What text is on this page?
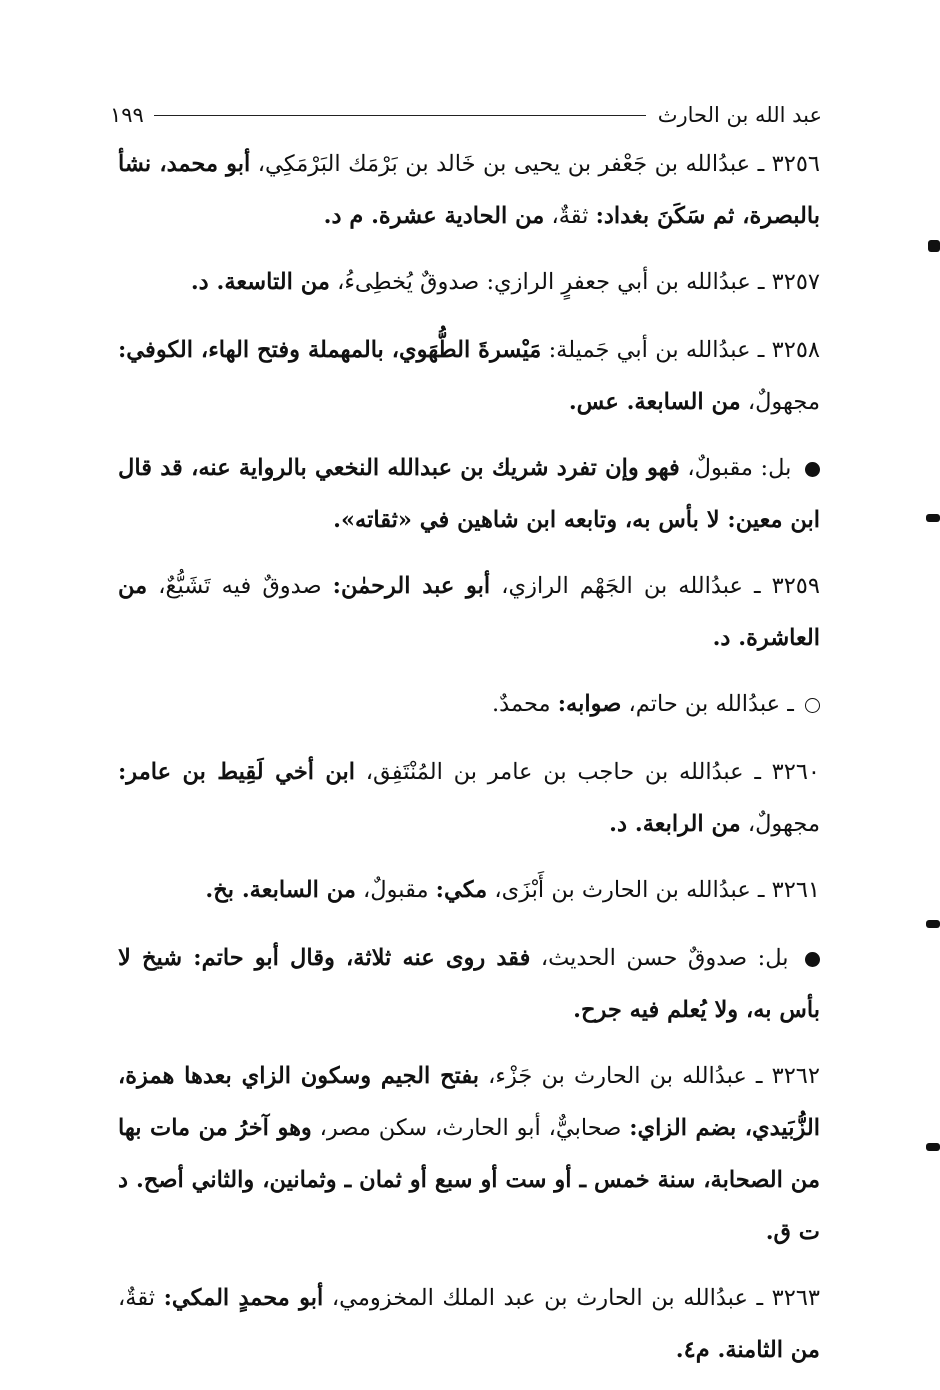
عبد الله بن الحارث
١٩٩

٣٢٥٦ ـ عبدُالله بن جَعْفر بن يحيى بن خَالد بن بَرْمَك البَرْمَكِي، أبو محمد، نشأ بالبصرة، ثم سَكَنَ بغداد: ثقةٌ، من الحادية عشرة. م د.

٣٢٥٧ ـ عبدُالله بن أبي جعفرٍ الرازي: صدوقٌ يُخطِىءُ، من التاسعة. د.

٣٢٥٨ ـ عبدُالله بن أبي جَميلة: مَيْسرةَ الطُّهَوي، بالمهملة وفتح الهاء، الكوفي: مجهولٌ، من السابعة. عس.

بل: مقبولٌ، فهو وإن تفرد شريك بن عبدالله النخعي بالرواية عنه، قد قال ابن معين: لا بأس به، وتابعه ابن شاهين في «ثقاته».

٣٢٥٩ ـ عبدُالله بن الجَهْم الرازي، أبو عبد الرحمٰن: صدوقٌ فيه تَشَيُّعٌ، من العاشرة. د.

ـ عبدُالله بن حاتم، صوابه: محمدٌ.

٣٢٦٠ ـ عبدُالله بن حاجب بن عامر بن المُنْتَفِق، ابن أخي لَقِيط بن عامر: مجهولٌ، من الرابعة. د.

٣٢٦١ ـ عبدُالله بن الحارث بن أَبْزَى، مكي: مقبولٌ، من السابعة. بخ.

بل: صدوقٌ حسن الحديث، فقد روى عنه ثلاثة، وقال أبو حاتم: شيخ لا بأس به، ولا يُعلم فيه جرح.

٣٢٦٢ ـ عبدُالله بن الحارث بن جَزْء، بفتح الجيم وسكون الزاي بعدها همزة، الزُّبَيدي، بضم الزاي: صحابيٌّ، أبو الحارث، سكن مصر، وهو آخرُ من مات بها من الصحابة، سنة خمس ـ أو ست أو سبع أو ثمان ـ وثمانين، والثاني أصح. د ت ق.

٣٢٦٣ ـ عبدُالله بن الحارث بن عبد الملك المخزومي، أبو محمدٍ المكي: ثقةٌ، من الثامنة. م٤.
